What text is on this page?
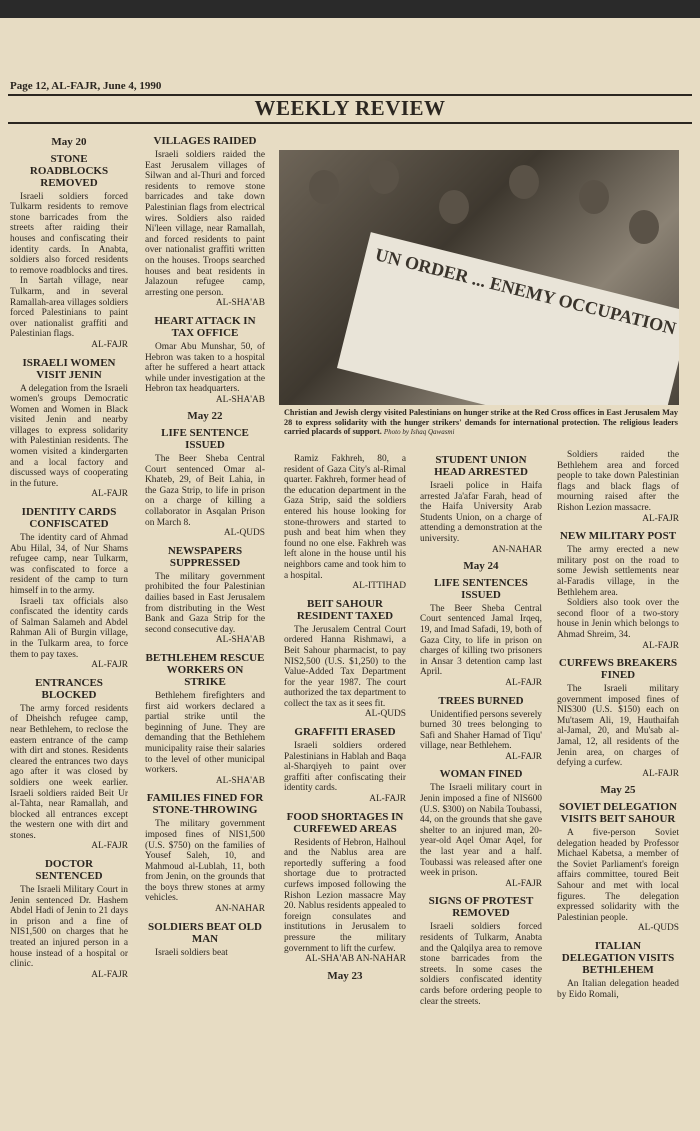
Page 12, AL-FAJR, June 4, 1990
WEEKLY REVIEW
May 20
STONE ROADBLOCKS REMOVED

Israeli soldiers forced Tulkarm residents to remove stone barricades from the streets after raiding their houses and confiscating their identity cards. In Anabta, soldiers also forced residents to remove roadblocks and tires.

In Sartah village, near Tulkarm, and in several Ramallah-area villages soldiers forced Palestinians to paint over nationalist graffiti and Palestinian flags.

AL-FAJR

ISRAELI WOMEN VISIT JENIN

A delegation from the Israeli women's groups Democratic Women and Women in Black visited Jenin and nearby villages to express solidarity with Palestinian residents. The women visited a kindergarten and a local factory and discussed ways of cooperating in the future.

AL-FAJR

IDENTITY CARDS CONFISCATED

The identity card of Ahmad Abu Hilal, 34, of Nur Shams refugee camp, near Tulkarm, was confiscated to force a resident of the camp to turn himself in to the army.

Israeli tax officials also confiscated the identity cards of Salman Salameh and Abdel Rahman Ali of Burgin village, in the Tulkarm area, to force them to pay taxes.

AL-FAJR

ENTRANCES BLOCKED

The army forced residents of Dheishch refugee camp, near Bethlehem, to reclose the eastern entrance of the camp with dirt and stones. Residents cleared the entrances two days ago after it was closed by soldiers one week earlier. Israeli soldiers raided Beit Ur al-Tahta, near Ramallah, and blocked all entrances except the western one with dirt and stones.

AL-FAJR

DOCTOR SENTENCED

The Israeli Military Court in Jenin sentenced Dr. Hashem Abdel Hadi of Jenin to 21 days in prison and a fine of NIS1,500 on charges that he treated an injured person in a house instead of a hospital or clinic.

AL-FAJR

VILLAGES RAIDED

Israeli soldiers raided the East Jerusalem villages of Silwan and al-Thuri and forced residents to remove stone barricades and take down Palestinian flags from electrical wires. Soldiers also raided Ni'leen village, near Ramallah, and forced residents to paint over nationalist graffiti written on the houses. Troops searched houses and beat residents in Jalazoun refugee camp, arresting one person.

AL-SHA'AB

HEART ATTACK IN TAX OFFICE

Omar Abu Munshar, 50, of Hebron was taken to a hospital after he suffered a heart attack while under investigation at the Hebron tax headquarters.

AL-SHA'AB

May 22
LIFE SENTENCE ISSUED

The Beer Sheba Central Court sentenced Omar al-Khateb, 29, of Beit Lahia, in the Gaza Strip, to life in prison on a charge of killing a collaborator in Asqalan Prison on March 8.

AL-QUDS

NEWSPAPERS SUPPRESSED

The military government prohibited the four Palestinian dailies based in East Jerusalem from distributing in the West Bank and Gaza Strip for the second consecutive day.

AL-SHA'AB

BETHLEHEM RESCUE WORKERS ON STRIKE

Bethlehem firefighters and first aid workers declared a partial strike until the beginning of June. They are demanding that the Bethlehem municipality raise their salaries to the level of other municipal workers.

AL-SHA'AB

FAMILIES FINED FOR STONE-THROWING

The military government imposed fines of NIS1,500 (U.S. $750) on the families of Yousef Saleh, 10, and Mahmoud al-Lublah, 11, both from Jenin, on the grounds that the boys threw stones at army vehicles.

AN-NAHAR

SOLDIERS BEAT OLD MAN

Israeli soldiers beat

UN ORDER ... ENEMY OCCUPATION
Christian and Jewish clergy visited Palestinians on hunger strike at the Red Cross offices in East Jerusalem May 28 to express solidarity with the hunger strikers' demands for international protection. The religious leaders carried placards of support. Photo by Ishaq Qawasmi

Ramiz Fakhreh, 80, a resident of Gaza City's al-Rimal quarter. Fakhreh, former head of the education department in the Gaza Strip, said the soldiers entered his house looking for stone-throwers and started to push and beat him when they found no one else. Fakhreh was left alone in the house until his neighbors came and took him to a hospital.

AL-ITTIHAD

BEIT SAHOUR RESIDENT TAXED

The Jerusalem Central Court ordered Hanna Rishmawi, a Beit Sahour pharmacist, to pay NIS2,500 (U.S. $1,250) to the Value-Added Tax Department for the year 1987. The court authorized the tax department to collect the tax as it sees fit.

AL-QUDS

GRAFFITI ERASED

Israeli soldiers ordered Palestinians in Hablah and Baqa al-Sharqiyeh to paint over graffiti after confiscating their identity cards.

AL-FAJR

FOOD SHORTAGES IN CURFEWED AREAS

Residents of Hebron, Halhoul and the Nablus area are reportedly suffering a food shortage due to protracted curfews imposed following the Rishon Lezion massacre May 20. Nablus residents appealed to foreign consulates and institutions in Jerusalem to pressure the military government to lift the curfew.

AL-SHA'AB AN-NAHAR

May 23
STUDENT UNION HEAD ARRESTED

Israeli police in Haifa arrested Ja'afar Farah, head of the Haifa University Arab Students Union, on a charge of attending a demonstration at the university.

AN-NAHAR

May 24
LIFE SENTENCES ISSUED

The Beer Sheba Central Court sentenced Jamal Irqeq, 19, and Imad Safadi, 19, both of Gaza City, to life in prison on charges of killing two prisoners in Ansar 3 detention camp last April.

AL-FAJR

TREES BURNED

Unidentified persons severely burned 30 trees belonging to Safi and Shaher Hamad of Tiqu' village, near Bethlehem.

AL-FAJR

WOMAN FINED

The Israeli military court in Jenin imposed a fine of NIS600 (U.S. $300) on Nabila Toubassi, 44, on the grounds that she gave shelter to an injured man, 20-year-old Aqel Omar Aqel, for the last year and a half. Toubassi was released after one week in prison.

AL-FAJR

SIGNS OF PROTEST REMOVED

Israeli soldiers forced residents of Tulkarm, Anabta and the Qalqilya area to remove stone barricades from the streets. In some cases the soldiers confiscated identity cards before ordering people to clear the streets.

Soldiers raided the Bethlehem area and forced people to take down Palestinian flags and black flags of mourning raised after the Rishon Lezion massacre.

AL-FAJR

NEW MILITARY POST

The army erected a new military post on the road to some Jewish settlements near al-Faradis village, in the Bethlehem area.

Soldiers also took over the second floor of a two-story house in Jenin which belongs to Ahmad Shreim, 34.

AL-FAJR

CURFEWS BREAKERS FINED

The Israeli military government imposed fines of NIS300 (U.S. $150) each on Mu'tasem Ali, 19, Hauthaifah al-Jamal, 20, and Mu'sab al-Jamal, 12, all residents of the Jenin area, on charges of defying a curfew.

AL-FAJR

May 25
SOVIET DELEGATION VISITS BEIT SAHOUR

A five-person Soviet delegation headed by Professor Michael Kabetsa, a member of the Soviet Parliament's foreign affairs committee, toured Beit Sahour and met with local figures. The delegation expressed solidarity with the Palestinian people.

AL-QUDS

ITALIAN DELEGATION VISITS BETHLEHEM

An Italian delegation headed by Eido Romali,
